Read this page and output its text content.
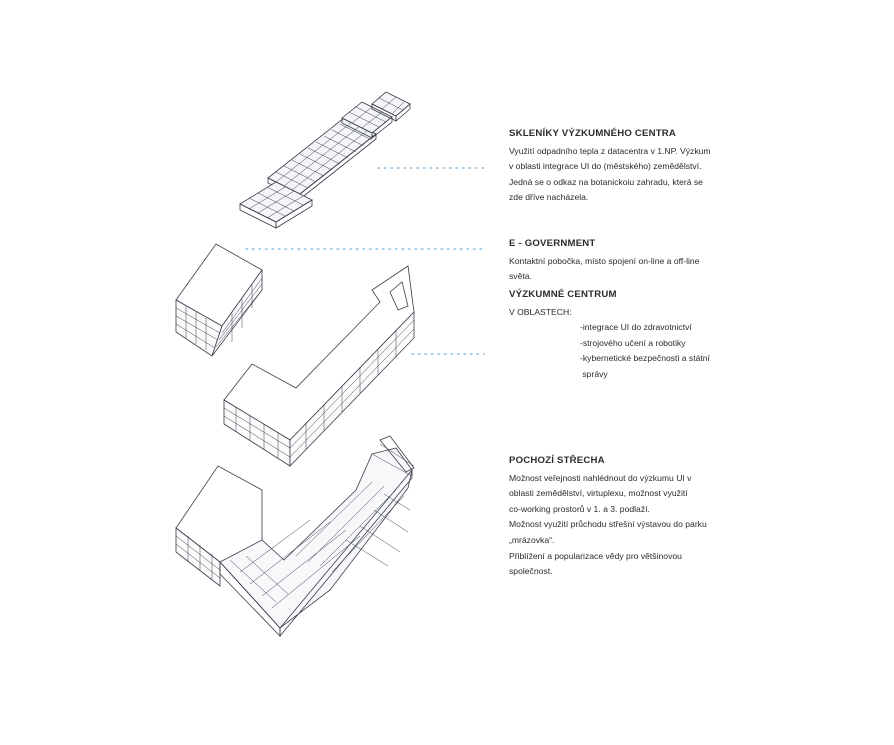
SKLENÍKY VÝZKUMNÉHO CENTRA
Využití odpadního tepla z datacentra v 1.NP. Výzkum
v oblasti integrace UI do (městského) zemědělství.
Jedná se o odkaz na botanickoiu zahradu, která se
zde dříve nacházela.
E - GOVERNMENT
Kontaktní pobočka, místo spojení on-line a off-line
světa.
VÝZKUMNÉ CENTRUM
V OBLASTECH:
-integrace UI do zdravotnictví
-strojového učení a robotiky
-kybernetické bezpečnosti a státní
správy
POCHOZÍ STŘECHA
Možnost veřejnosti nahlédnout do výzkumu UI v
oblasti zemědělství, virtuplexu, možnost využití
co-working prostorů v 1. a 3. podlaží.
Možnost využití průchodu střešní výstavou do parku
„mrázovka“.
Přiblížení a popularizace vědy pro většinovou
společnost.
